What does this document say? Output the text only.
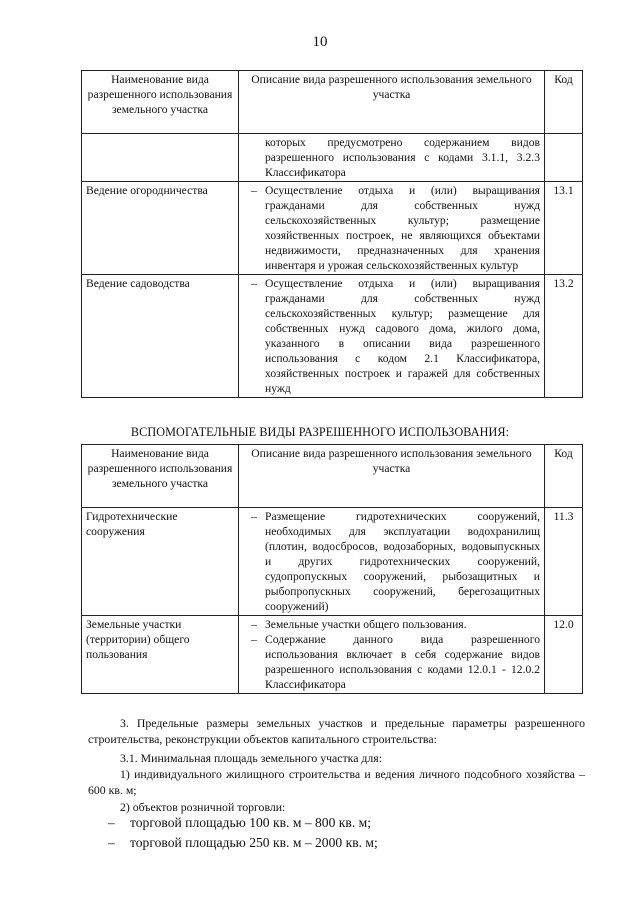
10
Наименование вида разрешенного использования земельного участка	Описание вида разрешенного использования земельного участка	Код
	которых предусмотрено содержанием видов разрешенного использования с кодами 3.1.1, 3.2.3 Классификатора	
Ведение огородничества	– Осуществление отдыха и (или) выращивания гражданами для собственных нужд сельскохозяйственных культур; размещение хозяйственных построек, не являющихся объектами недвижимости, предназначенных для хранения инвентаря и урожая сельскохозяйственных культур	13.1
Ведение садоводства	– Осуществление отдыха и (или) выращивания гражданами для собственных нужд сельскохозяйственных культур; размещение для собственных нужд садового дома, жилого дома, указанного в описании вида разрешенного использования с кодом 2.1 Классификатора, хозяйственных построек и гаражей для собственных нужд	13.2
ВСПОМОГАТЕЛЬНЫЕ ВИДЫ РАЗРЕШЕННОГО ИСПОЛЬЗОВАНИЯ:
Наименование вида разрешенного использования земельного участка	Описание вида разрешенного использования земельного участка	Код
Гидротехнические сооружения	– Размещение гидротехнических сооружений, необходимых для эксплуатации водохранилищ (плотин, водосбросов, водозаборных, водовыпускных и других гидротехнических сооружений, судопропускных сооружений, рыбозащитных и рыбопропускных сооружений, берегозащитных сооружений)	11.3
Земельные участки (территории) общего пользования	– Земельные участки общего пользования.
– Содержание данного вида разрешенного использования включает в себя содержание видов разрешенного использования с кодами 12.0.1 - 12.0.2 Классификатора	12.0
3. Предельные размеры земельных участков и предельные параметры разрешенного строительства, реконструкции объектов капитального строительства:
3.1. Минимальная площадь земельного участка для:
1) индивидуального жилищного строительства и ведения личного подсобного хозяйства – 600 кв. м;
2) объектов розничной торговли:
–	торговой площадью 100 кв. м – 800 кв. м;
–	торговой площадью 250 кв. м – 2000 кв. м;
